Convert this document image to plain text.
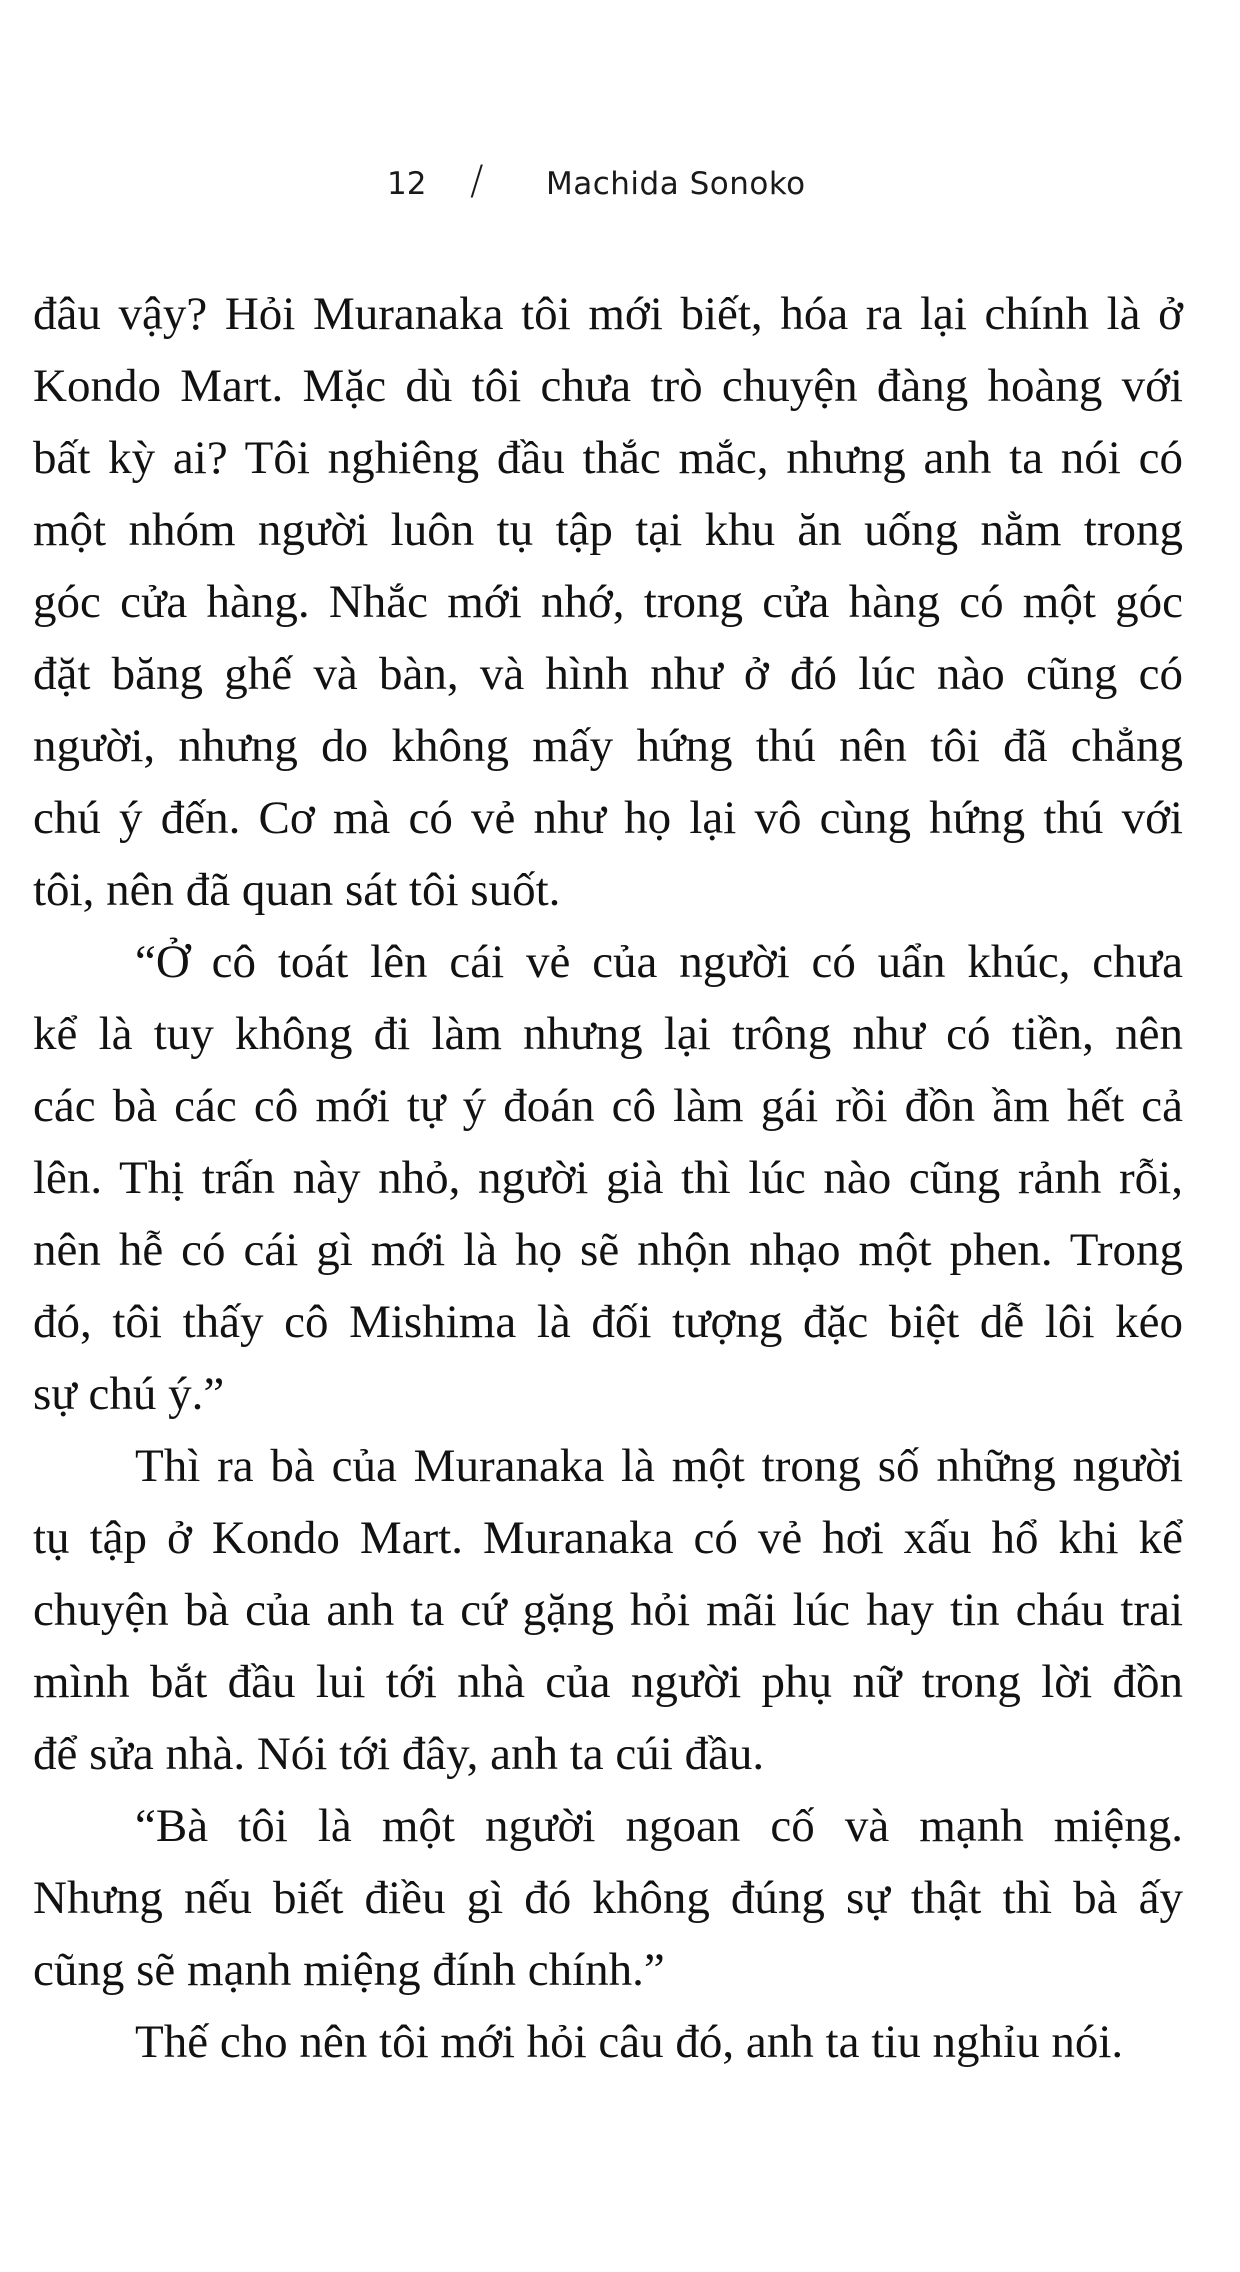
12 / Machida Sonoko
đâu vậy? Hỏi Muranaka tôi mới biết, hóa ra lại chính là ở
Kondo Mart. Mặc dù tôi chưa trò chuyện đàng hoàng với
bất kỳ ai? Tôi nghiêng đầu thắc mắc, nhưng anh ta nói có
một nhóm người luôn tụ tập tại khu ăn uống nằm trong
góc cửa hàng. Nhắc mới nhớ, trong cửa hàng có một góc
đặt băng ghế và bàn, và hình như ở đó lúc nào cũng có
người, nhưng do không mấy hứng thú nên tôi đã chẳng
chú ý đến. Cơ mà có vẻ như họ lại vô cùng hứng thú với
tôi, nên đã quan sát tôi suốt.
“Ở cô toát lên cái vẻ của người có uẩn khúc, chưa
kể là tuy không đi làm nhưng lại trông như có tiền, nên
các bà các cô mới tự ý đoán cô làm gái rồi đồn ầm hết cả
lên. Thị trấn này nhỏ, người già thì lúc nào cũng rảnh rỗi,
nên hễ có cái gì mới là họ sẽ nhộn nhạo một phen. Trong
đó, tôi thấy cô Mishima là đối tượng đặc biệt dễ lôi kéo
sự chú ý.”
Thì ra bà của Muranaka là một trong số những người
tụ tập ở Kondo Mart. Muranaka có vẻ hơi xấu hổ khi kể
chuyện bà của anh ta cứ gặng hỏi mãi lúc hay tin cháu trai
mình bắt đầu lui tới nhà của người phụ nữ trong lời đồn
để sửa nhà. Nói tới đây, anh ta cúi đầu.
“Bà tôi là một người ngoan cố và mạnh miệng.
Nhưng nếu biết điều gì đó không đúng sự thật thì bà ấy
cũng sẽ mạnh miệng đính chính.”
Thế cho nên tôi mới hỏi câu đó, anh ta tiu nghỉu nói.
